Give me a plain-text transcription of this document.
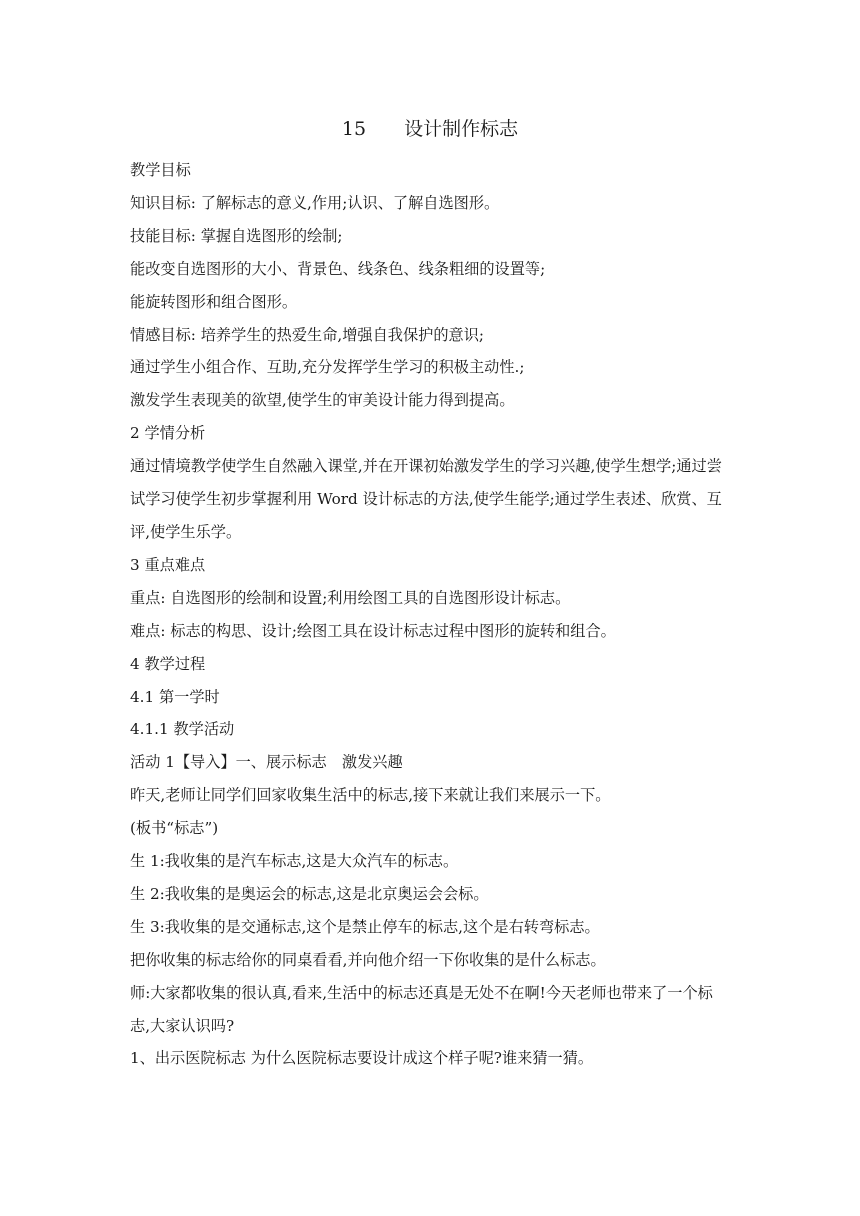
15　　设计制作标志

教学目标

知识目标: 了解标志的意义,作用;认识、了解自选图形。

技能目标: 掌握自选图形的绘制;

能改变自选图形的大小、背景色、线条色、线条粗细的设置等;

能旋转图形和组合图形。

情感目标: 培养学生的热爱生命,增强自我保护的意识;

通过学生小组合作、互助,充分发挥学生学习的积极主动性.;

激发学生表现美的欲望,使学生的审美设计能力得到提高。

2 学情分析

通过情境教学使学生自然融入课堂,并在开课初始激发学生的学习兴趣,使学生想学;通过尝试学习使学生初步掌握利用 Word 设计标志的方法,使学生能学;通过学生表述、欣赏、互评,使学生乐学。

3 重点难点

重点: 自选图形的绘制和设置;利用绘图工具的自选图形设计标志。

难点: 标志的构思、设计;绘图工具在设计标志过程中图形的旋转和组合。

4 教学过程

4.1 第一学时

4.1.1 教学活动

活动 1【导入】一、展示标志　激发兴趣

昨天,老师让同学们回家收集生活中的标志,接下来就让我们来展示一下。

(板书“标志”)

生 1:我收集的是汽车标志,这是大众汽车的标志。

生 2:我收集的是奥运会的标志,这是北京奥运会会标。

生 3:我收集的是交通标志,这个是禁止停车的标志,这个是右转弯标志。

把你收集的标志给你的同桌看看,并向他介绍一下你收集的是什么标志。

师:大家都收集的很认真,看来,生活中的标志还真是无处不在啊!今天老师也带来了一个标志,大家认识吗?

1、出示医院标志 为什么医院标志要设计成这个样子呢?谁来猜一猜。
